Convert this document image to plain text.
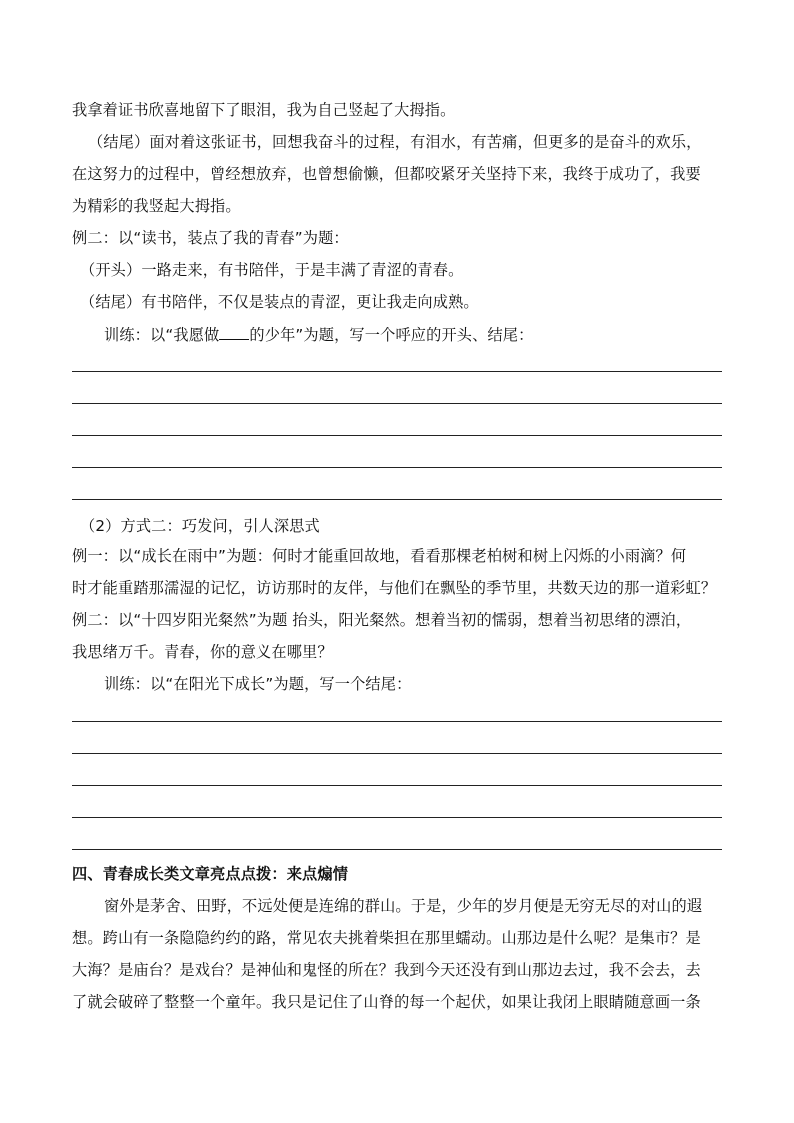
我拿着证书欣喜地留下了眼泪，我为自己竖起了大拇指。
（结尾）面对着这张证书，回想我奋斗的过程，有泪水，有苦痛，但更多的是奋斗的欢乐，
在这努力的过程中，曾经想放弃，也曾想偷懒，但都咬紧牙关坚持下来，我终于成功了，我要
为精彩的我竖起大拇指。
例二：以“读书，装点了我的青春”为题：
（开头）一路走来，有书陪伴，于是丰满了青涩的青春。
（结尾）有书陪伴，不仅是装点的青涩，更让我走向成熟。
训练：以“我愿做 的少年”为题，写一个呼应的开头、结尾：
（2）方式二：巧发问，引人深思式
例一：以“成长在雨中”为题：何时才能重回故地，看看那棵老柏树和树上闪烁的小雨滴？何
时才能重踏那濡湿的记忆，访访那时的友伴，与他们在飘坠的季节里，共数天边的那一道彩虹？
例二：以“十四岁阳光粲然”为题 抬头，阳光粲然。想着当初的懦弱，想着当初思绪的漂泊，
我思绪万千。青春，你的意义在哪里？
训练：以“在阳光下成长”为题，写一个结尾：
四、青春成长类文章亮点点拨：来点煽情
窗外是茅舍、田野，不远处便是连绵的群山。于是，少年的岁月便是无穷无尽的对山的遐
想。跨山有一条隐隐约约的路，常见农夫挑着柴担在那里蠕动。山那边是什么呢？是集市？是
大海？是庙台？是戏台？是神仙和鬼怪的所在？我到今天还没有到山那边去过，我不会去，去
了就会破碎了整整一个童年。我只是记住了山脊的每一个起伏，如果让我闭上眼睛随意画一条
